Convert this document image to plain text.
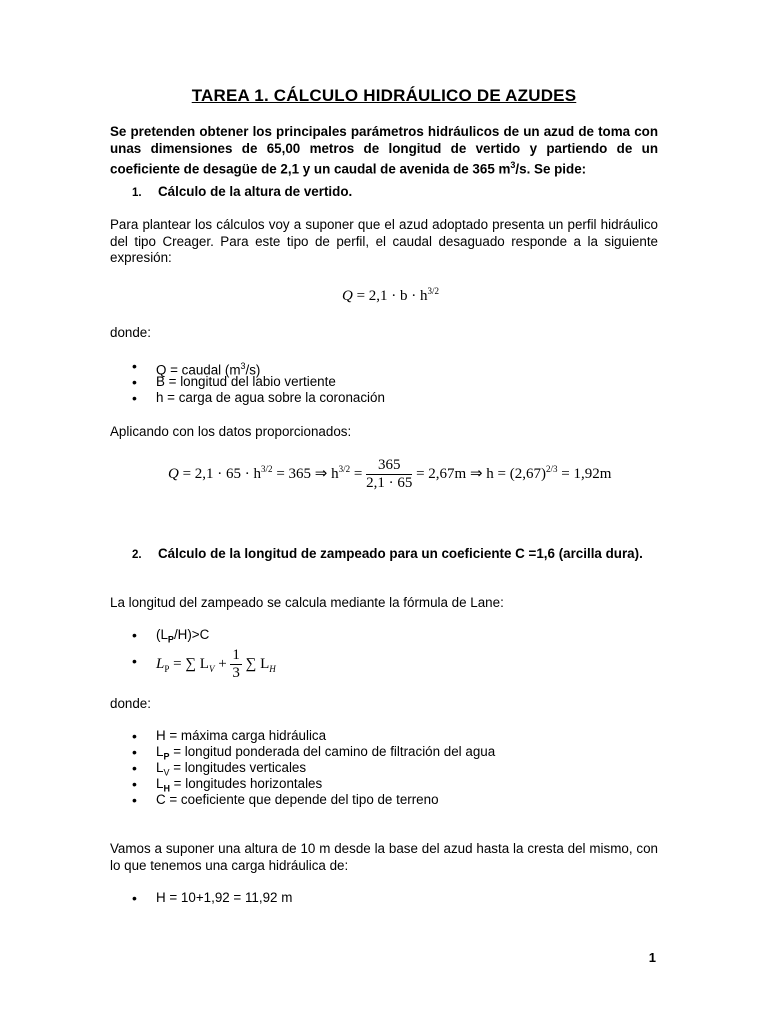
TAREA 1. CÁLCULO HIDRÁULICO DE AZUDES
Se pretenden obtener los principales parámetros hidráulicos de un azud de toma con unas dimensiones de 65,00 metros de longitud de vertido y partiendo de un coeficiente de desagüe de 2,1 y un caudal de avenida de 365 $m^3/s$. Se pide:
1. Cálculo de la altura de vertido.
Para plantear los cálculos voy a suponer que el azud adoptado presenta un perfil hidráulico del tipo Creager. Para este tipo de perfil, el caudal desaguado responde a la siguiente expresión:
$Q = 2,1 \cdot b \cdot h^{3/2}$
donde:
• Q = caudal $(m^3/s)$
• B = longitud del labio vertiente
• h = carga de agua sobre la coronación
Aplicando con los datos proporcionados:
$Q = 2,1 \cdot 65 \cdot h^{3/2} = 365$ ⇒ $h^{3/2} = \frac{365}{2,1 \cdot 65} = 2,67m$ ⇒ $h = (2,67)^{2/3} = 1,92m$
2. Cálculo de la longitud de zampeado para un coeficiente C =1,6 (arcilla dura).
La longitud del zampeado se calcula mediante la fórmula de Lane:
• $(L_P/H)>C$
• $L_P$ = ∑ $L_V + \frac{1}{3}$ ∑ $L_H$
donde:
• H = máxima carga hidráulica
• $L_P$ = longitud ponderada del camino de filtración del agua
• $L_V$ = longitudes verticales
• $L_H$ = longitudes horizontales
• C = coeficiente que depende del tipo de terreno
Vamos a suponer una altura de 10 m desde la base del azud hasta la cresta del mismo, con lo que tenemos una carga hidráulica de:
• H = 10+1,92 = 11,92 m
1
